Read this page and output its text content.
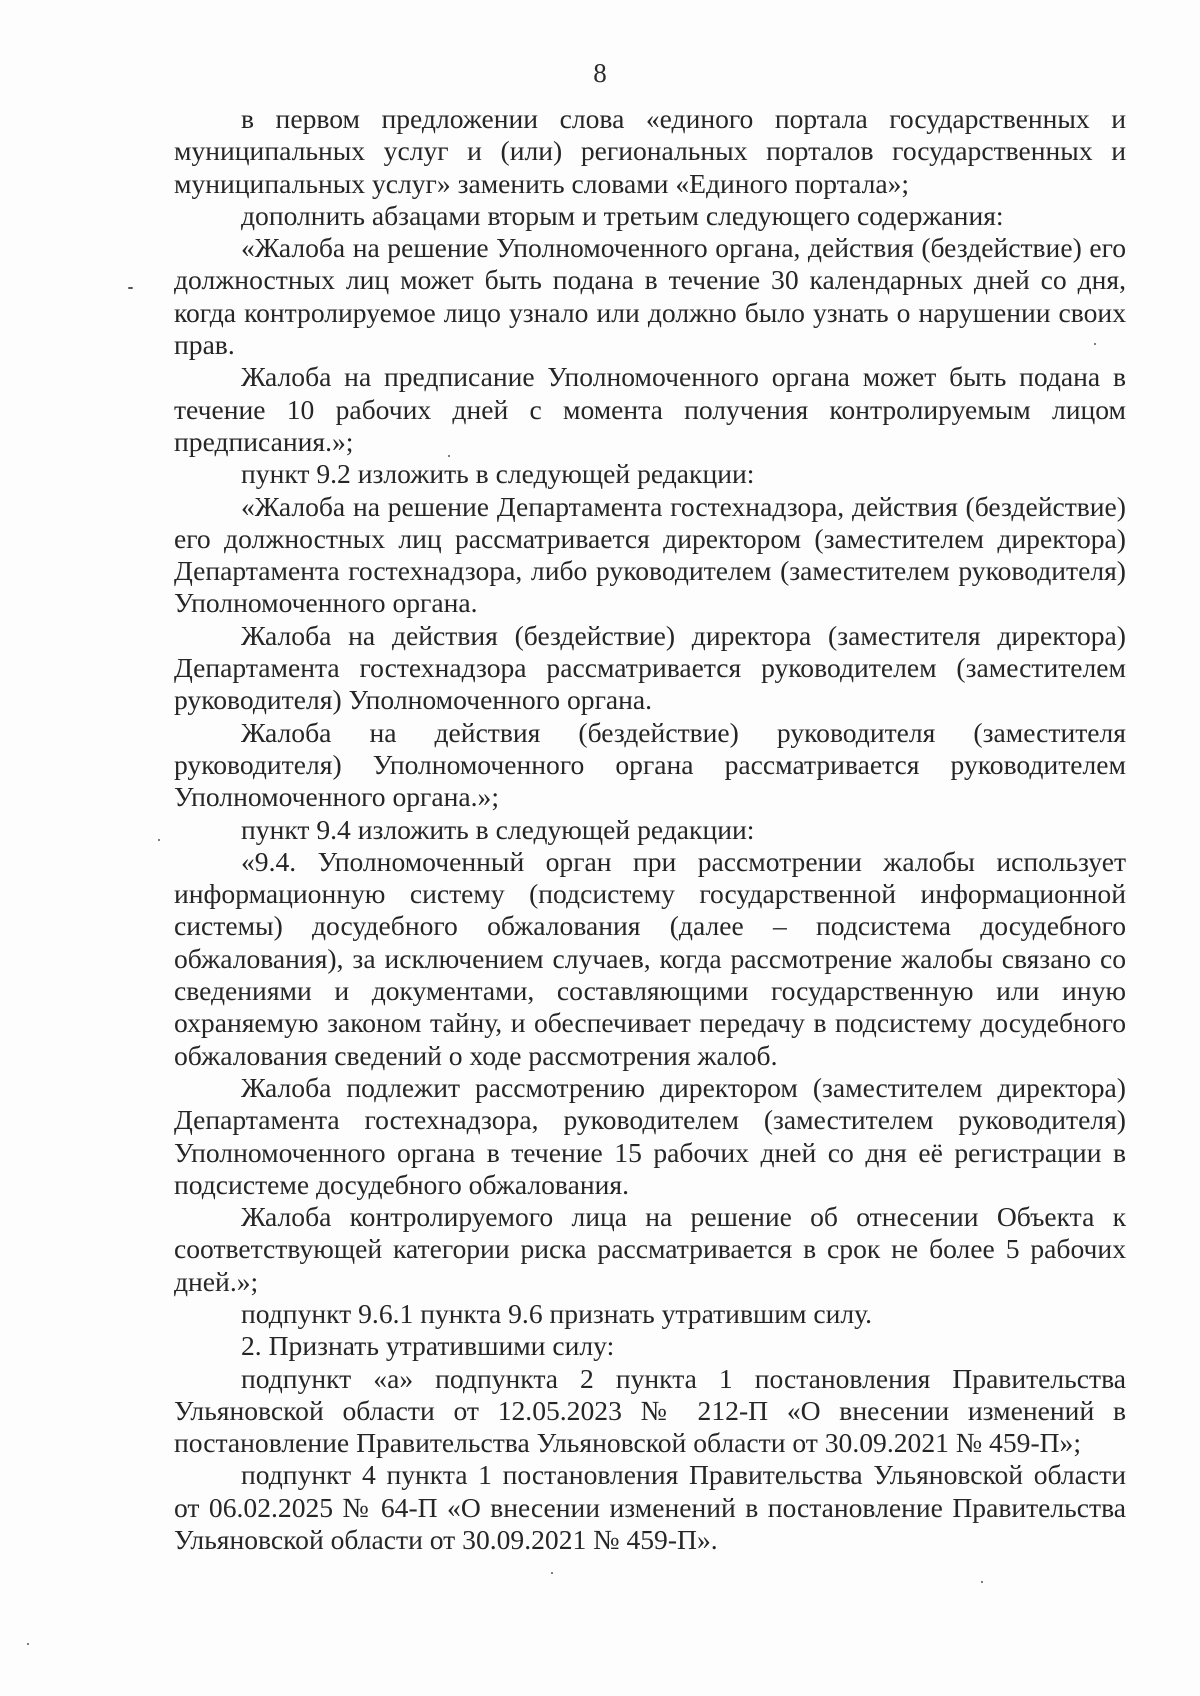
8

в первом предложении слова «единого портала государственных и муниципальных услуг и (или) региональных порталов государственных и муниципальных услуг» заменить словами «Единого портала»;

дополнить абзацами вторым и третьим следующего содержания:

«Жалоба на решение Уполномоченного органа, действия (бездействие) его должностных лиц может быть подана в течение 30 календарных дней со дня, когда контролируемое лицо узнало или должно было узнать о нарушении своих прав.

Жалоба на предписание Уполномоченного органа может быть подана в течение 10 рабочих дней с момента получения контролируемым лицом предписания.»;

пункт 9.2 изложить в следующей редакции:

«Жалоба на решение Департамента гостехнадзора, действия (бездействие) его должностных лиц рассматривается директором (заместителем директора) Департамента гостехнадзора, либо руководителем (заместителем руководителя) Уполномоченного органа.

Жалоба на действия (бездействие) директора (заместителя директора) Департамента гостехнадзора рассматривается руководителем (заместителем руководителя) Уполномоченного органа.

Жалоба на действия (бездействие) руководителя (заместителя руководителя) Уполномоченного органа рассматривается руководителем Уполномоченного органа.»;

пункт 9.4 изложить в следующей редакции:

«9.4. Уполномоченный орган при рассмотрении жалобы использует информационную систему (подсистему государственной информационной системы) досудебного обжалования (далее – подсистема досудебного обжалования), за исключением случаев, когда рассмотрение жалобы связано со сведениями и документами, составляющими государственную или иную охраняемую законом тайну, и обеспечивает передачу в подсистему досудебного обжалования сведений о ходе рассмотрения жалоб.

Жалоба подлежит рассмотрению директором (заместителем директора) Департамента гостехнадзора, руководителем (заместителем руководителя) Уполномоченного органа в течение 15 рабочих дней со дня её регистрации в подсистеме досудебного обжалования.

Жалоба контролируемого лица на решение об отнесении Объекта к соответствующей категории риска рассматривается в срок не более 5 рабочих дней.»;

подпункт 9.6.1 пункта 9.6 признать утратившим силу.

2. Признать утратившими силу:

подпункт «а» подпункта 2 пункта 1 постановления Правительства Ульяновской области от 12.05.2023 № 212-П «О внесении изменений в постановление Правительства Ульяновской области от 30.09.2021 № 459-П»;

подпункт 4 пункта 1 постановления Правительства Ульяновской области от 06.02.2025 № 64-П «О внесении изменений в постановление Правительства Ульяновской области от 30.09.2021 № 459-П».
